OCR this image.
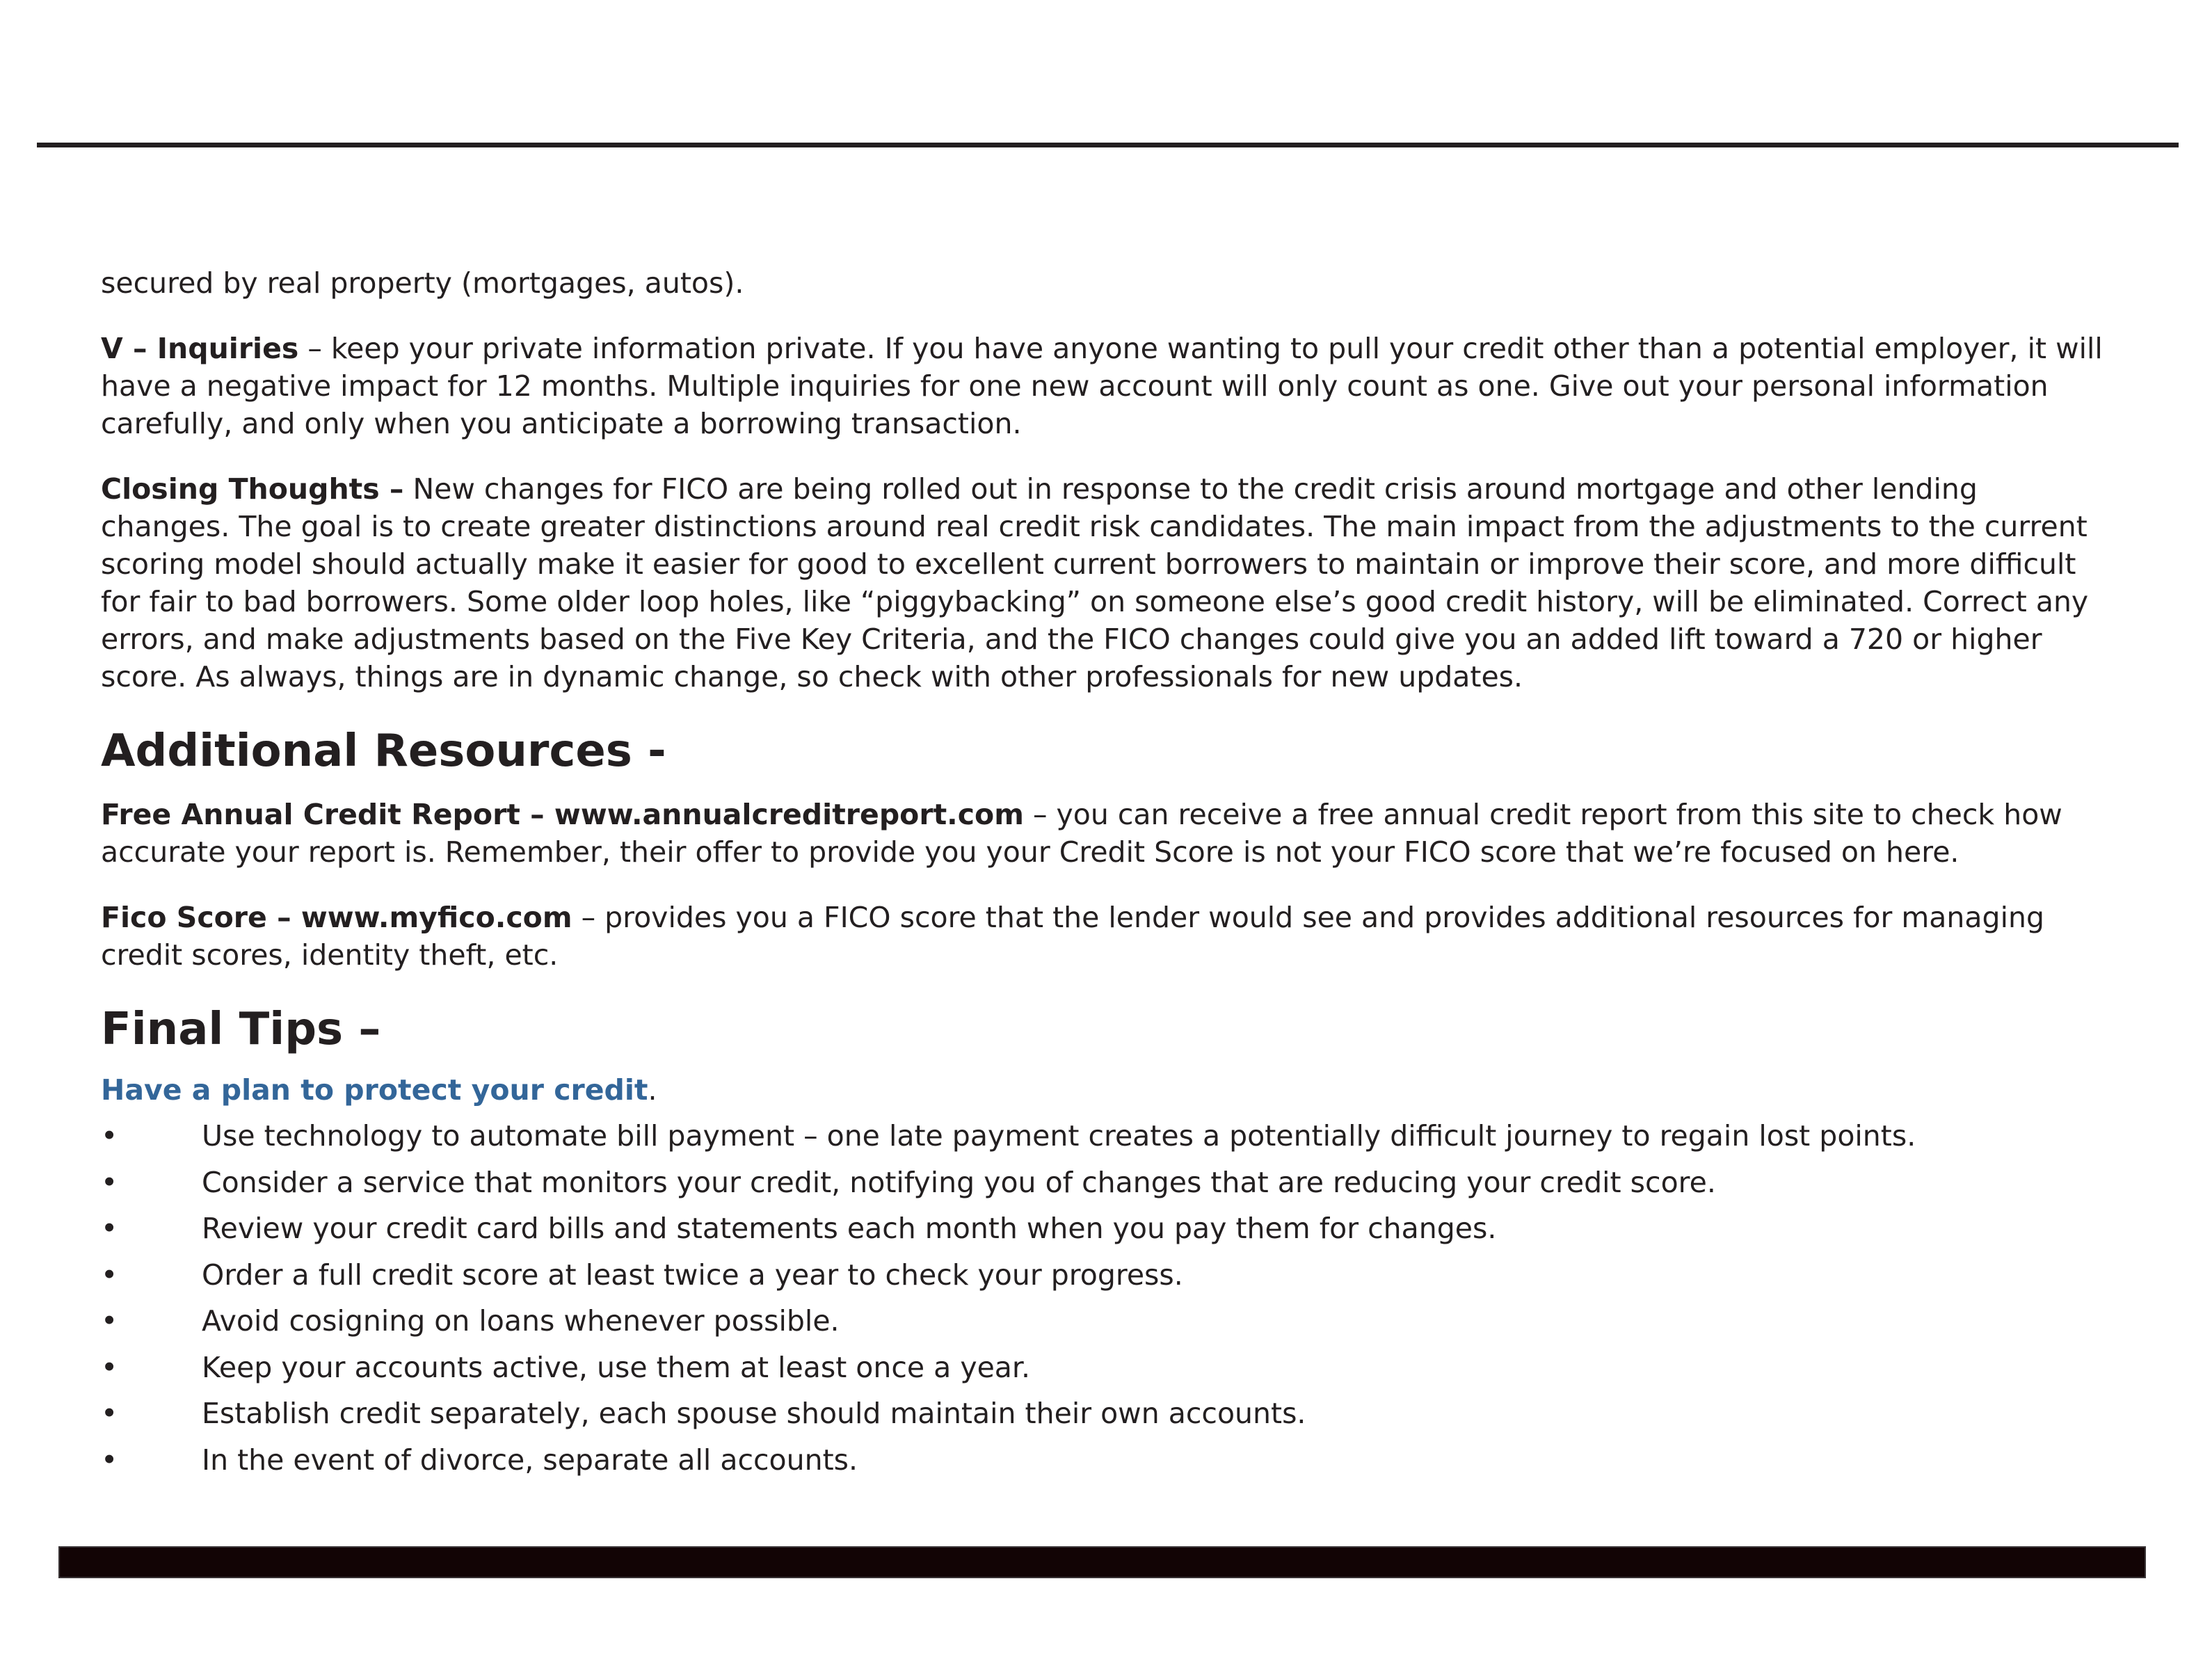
secured by real property (mortgages, autos).

V – Inquiries – keep your private information private. If you have anyone wanting to pull your credit other than a potential employer, it will have a negative impact for 12 months. Multiple inquiries for one new account will only count as one. Give out your personal information carefully, and only when you anticipate a borrowing transaction.

Closing Thoughts – New changes for FICO are being rolled out in response to the credit crisis around mortgage and other lending changes. The goal is to create greater distinctions around real credit risk candidates. The main impact from the adjustments to the current scoring model should actually make it easier for good to excellent current borrowers to maintain or improve their score, and more difficult for fair to bad borrowers. Some older loop holes, like “piggybacking” on someone else’s good credit history, will be eliminated. Correct any errors, and make adjustments based on the Five Key Criteria, and the FICO changes could give you an added lift toward a 720 or higher score. As always, things are in dynamic change, so check with other professionals for new updates.

Additional Resources -

Free Annual Credit Report – www.annualcreditreport.com – you can receive a free annual credit report from this site to check how accurate your report is. Remember, their offer to provide you your Credit Score is not your FICO score that we’re focused on here.

Fico Score – www.myfico.com – provides you a FICO score that the lender would see and provides additional resources for managing credit scores, identity theft, etc.

Final Tips –

Have a plan to protect your credit.

•	Use technology to automate bill payment – one late payment creates a potentially difficult journey to regain lost points.
•	Consider a service that monitors your credit, notifying you of changes that are reducing your credit score.
•	Review your credit card bills and statements each month when you pay them for changes.
•	Order a full credit score at least twice a year to check your progress.
•	Avoid cosigning on loans whenever possible.
•	Keep your accounts active, use them at least once a year.
•	Establish credit separately, each spouse should maintain their own accounts.
•	In the event of divorce, separate all accounts.
